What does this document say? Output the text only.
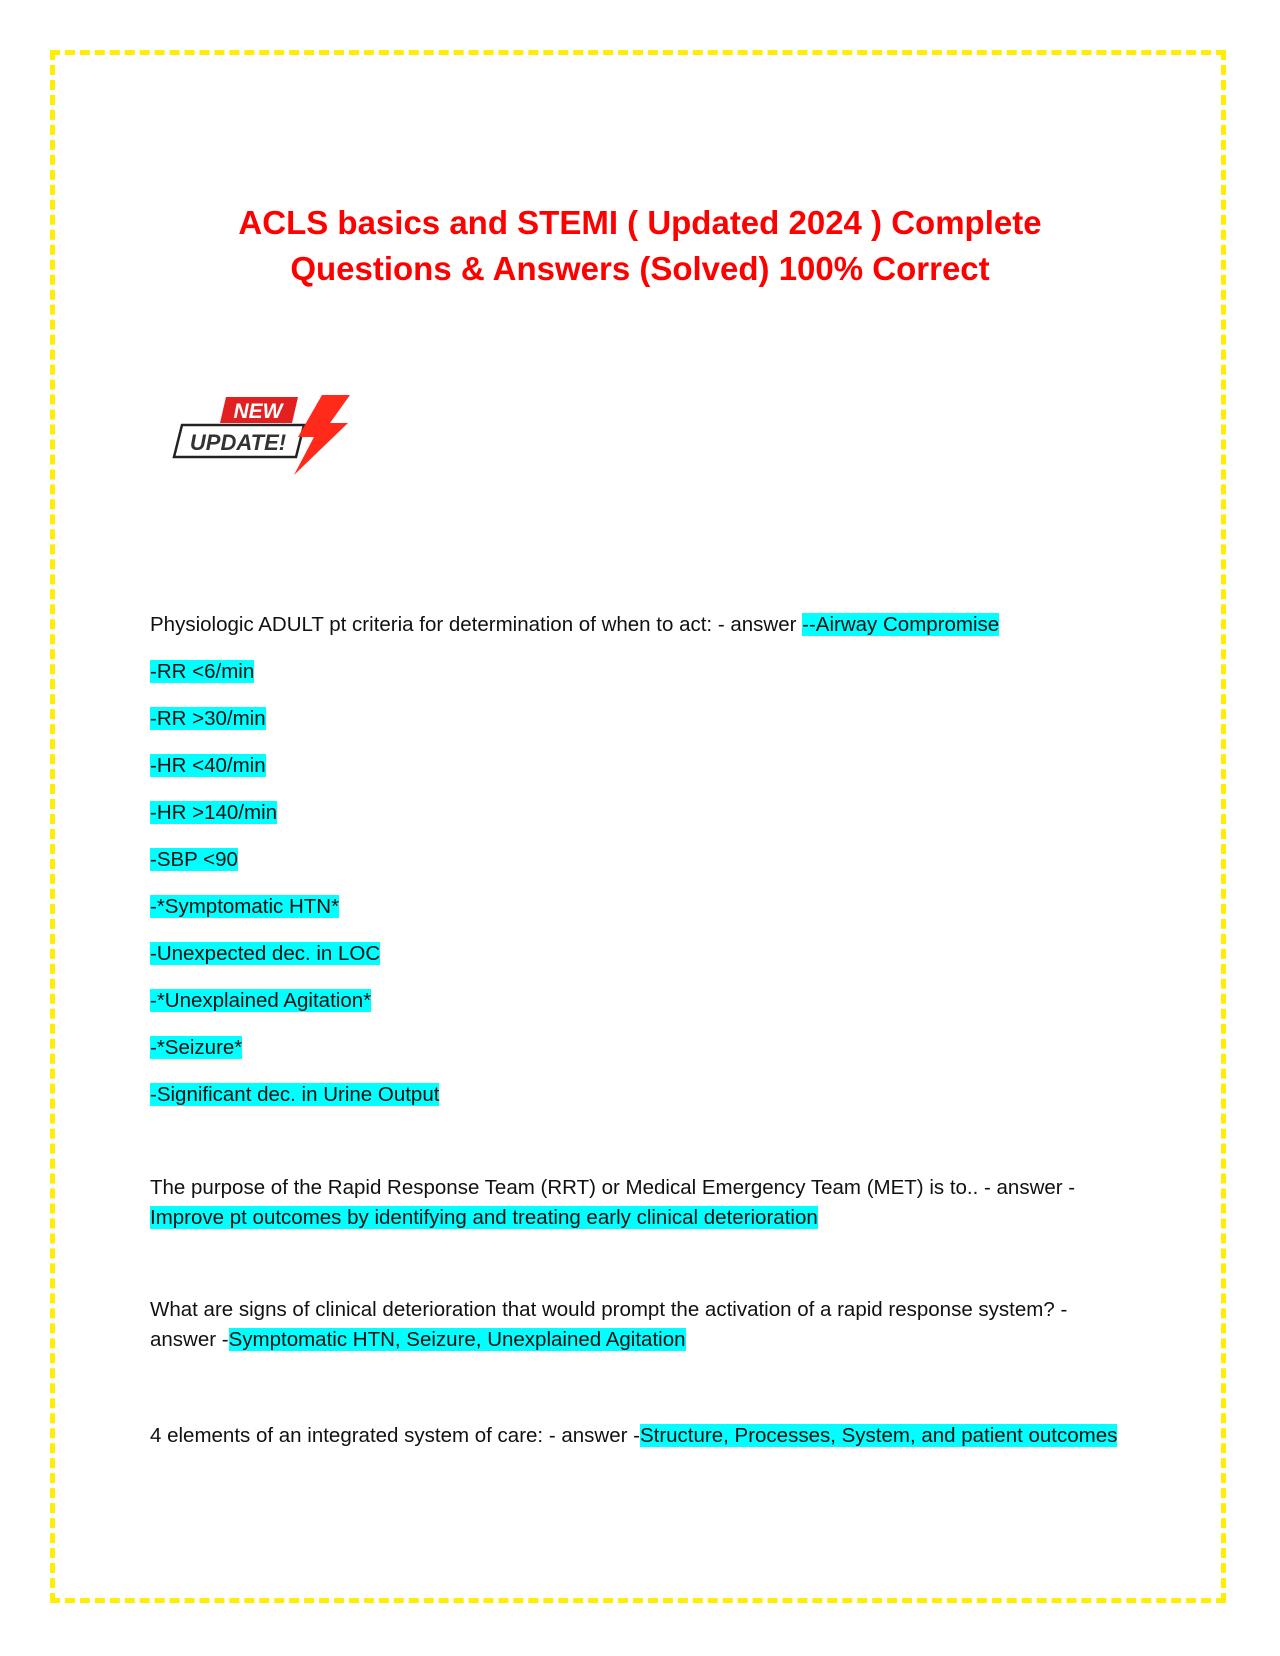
ACLS basics and STEMI ( Updated 2024 ) Complete
Questions & Answers (Solved) 100% Correct
NEW
UPDATE!
Physiologic ADULT pt criteria for determination of when to act: - answer --Airway Compromise
-RR <6/min
-RR >30/min
-HR <40/min
-HR >140/min
-SBP <90
-*Symptomatic HTN*
-Unexpected dec. in LOC
-*Unexplained Agitation*
-*Seizure*
-Significant dec. in Urine Output
The purpose of the Rapid Response Team (RRT) or Medical Emergency Team (MET) is to.. - answer -
Improve pt outcomes by identifying and treating early clinical deterioration
What are signs of clinical deterioration that would prompt the activation of a rapid response system? - answer -Symptomatic HTN, Seizure, Unexplained Agitation
4 elements of an integrated system of care: - answer -Structure, Processes, System, and patient outcomes
